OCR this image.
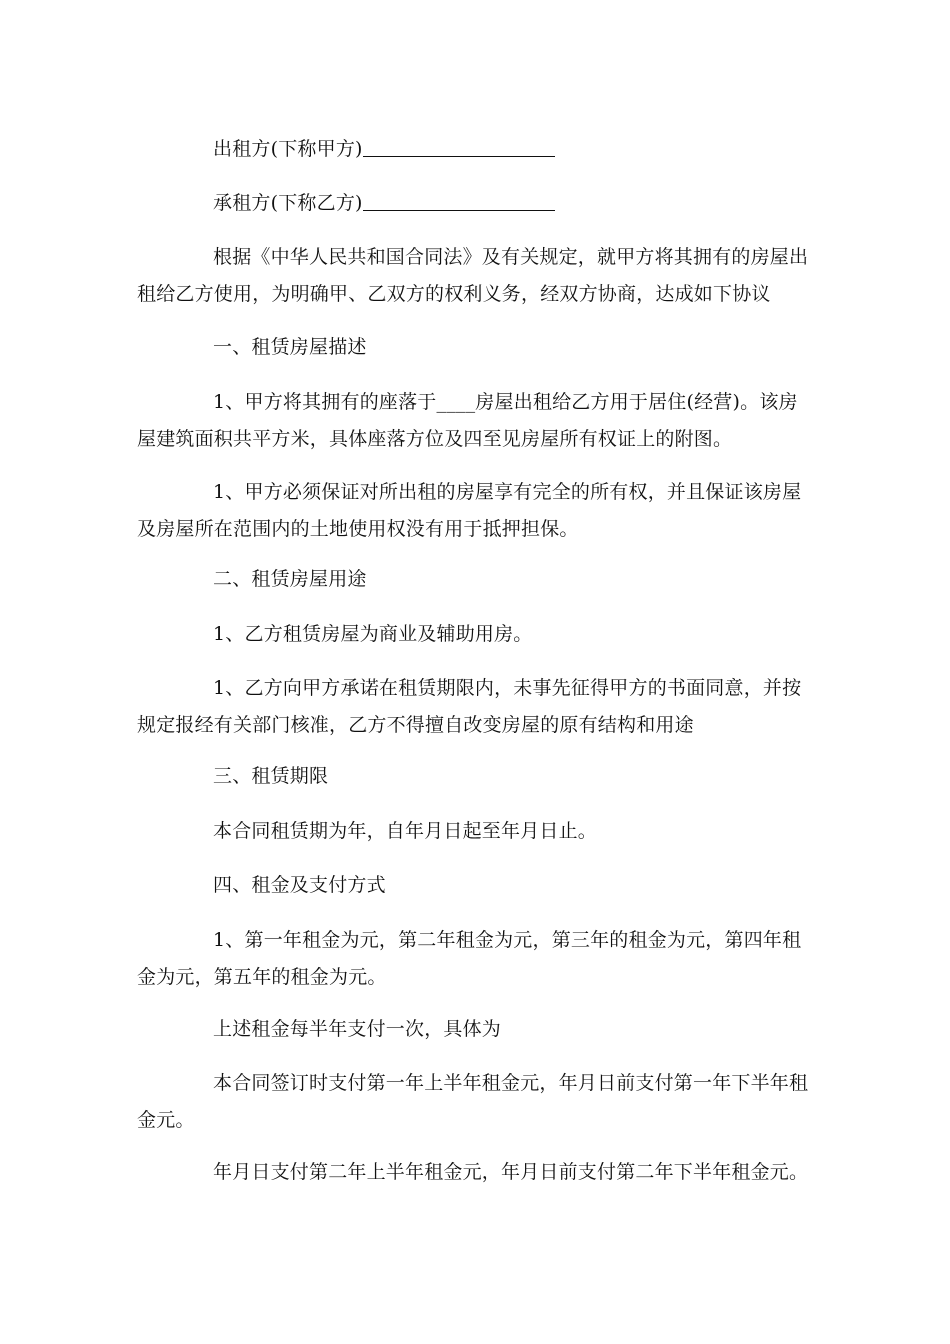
出租方(下称甲方)

承租方(下称乙方)

根据《中华人民共和国合同法》及有关规定，就甲方将其拥有的房屋出租给乙方使用，为明确甲、乙双方的权利义务，经双方协商，达成如下协议

一、租赁房屋描述

1、甲方将其拥有的座落于____房屋出租给乙方用于居住(经营)。该房屋建筑面积共平方米，具体座落方位及四至见房屋所有权证上的附图。

1、甲方必须保证对所出租的房屋享有完全的所有权，并且保证该房屋及房屋所在范围内的土地使用权没有用于抵押担保。

二、租赁房屋用途

1、乙方租赁房屋为商业及辅助用房。

1、乙方向甲方承诺在租赁期限内，未事先征得甲方的书面同意，并按规定报经有关部门核准，乙方不得擅自改变房屋的原有结构和用途

三、租赁期限

本合同租赁期为年，自年月日起至年月日止。

四、租金及支付方式

1、第一年租金为元，第二年租金为元，第三年的租金为元，第四年租金为元，第五年的租金为元。

上述租金每半年支付一次，具体为

本合同签订时支付第一年上半年租金元，年月日前支付第一年下半年租金元。

年月日支付第二年上半年租金元，年月日前支付第二年下半年租金元。
